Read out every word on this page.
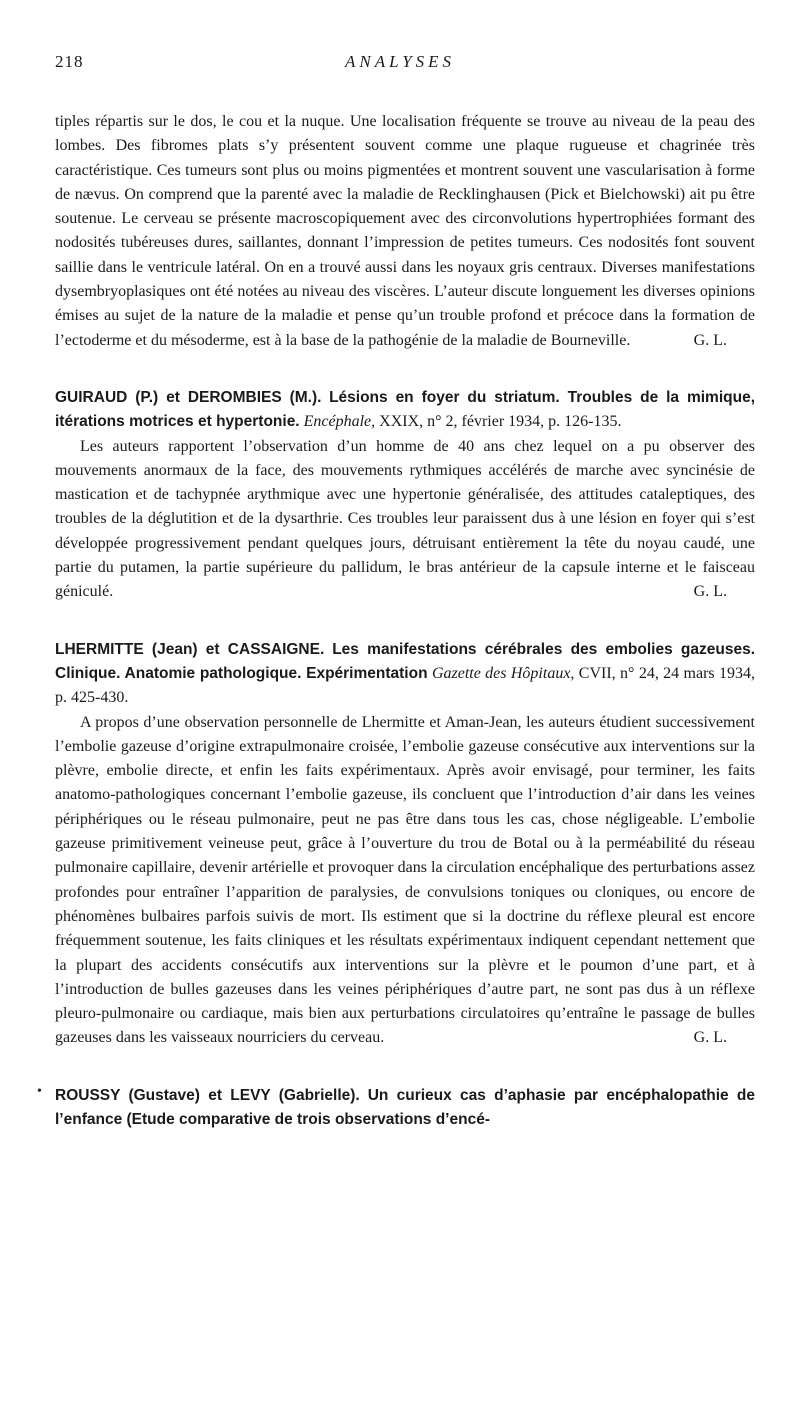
218	ANALYSES

tiples répartis sur le dos, le cou et la nuque. Une localisation fréquente se trouve au niveau de la peau des lombes. Des fibromes plats s’y présentent souvent comme une plaque rugueuse et chagrinée très caractéristique. Ces tumeurs sont plus ou moins pigmentées et montrent souvent une vascularisation à forme de nævus. On comprend que la parenté avec la maladie de Recklinghausen (Pick et Bielchowski) ait pu être soutenue. Le cerveau se présente macroscopiquement avec des circonvolutions hypertrophiées formant des nodosités tubéreuses dures, saillantes, donnant l’impression de petites tumeurs. Ces nodosités font souvent saillie dans le ventricule latéral. On en a trouvé aussi dans les noyaux gris centraux. Diverses manifestations dysembryoplasiques ont été notées au niveau des viscères. L’auteur discute longuement les diverses opinions émises au sujet de la nature de la maladie et pense qu’un trouble profond et précoce dans la formation de l’ectoderme et du mésoderme, est à la base de la pathogénie de la maladie de Bourneville.	G. L.

GUIRAUD (P.) et DEROMBIES (M.). Lésions en foyer du striatum. Troubles de la mimique, itérations motrices et hypertonie. Encéphale, XXIX, n° 2, février 1934, p. 126-135.

Les auteurs rapportent l’observation d’un homme de 40 ans chez lequel on a pu observer des mouvements anormaux de la face, des mouvements rythmiques accélérés de marche avec syncinésie de mastication et de tachypnée arythmique avec une hypertonie généralisée, des attitudes cataleptiques, des troubles de la déglutition et de la dysarthrie. Ces troubles leur paraissent dus à une lésion en foyer qui s’est développée progressivement pendant quelques jours, détruisant entièrement la tête du noyau caudé, une partie du putamen, la partie supérieure du pallidum, le bras antérieur de la capsule interne et le faisceau géniculé.	G. L.

LHERMITTE (Jean) et CASSAIGNE. Les manifestations cérébrales des embolies gazeuses. Clinique. Anatomie pathologique. Expérimentation Gazette des Hôpitaux, CVII, n° 24, 24 mars 1934, p. 425-430.

A propos d’une observation personnelle de Lhermitte et Aman-Jean, les auteurs étudient successivement l’embolie gazeuse d’origine extrapulmonaire croisée, l’embolie gazeuse consécutive aux interventions sur la plèvre, embolie directe, et enfin les faits expérimentaux. Après avoir envisagé, pour terminer, les faits anatomo-pathologiques concernant l’embolie gazeuse, ils concluent que l’introduction d’air dans les veines périphériques ou le réseau pulmonaire, peut ne pas être dans tous les cas, chose négligeable. L’embolie gazeuse primitivement veineuse peut, grâce à l’ouverture du trou de Botal ou à la perméabilité du réseau pulmonaire capillaire, devenir artérielle et provoquer dans la circulation encéphalique des perturbations assez profondes pour entraîner l’apparition de paralysies, de convulsions toniques ou cloniques, ou encore de phénomènes bulbaires parfois suivis de mort. Ils estiment que si la doctrine du réflexe pleural est encore fréquemment soutenue, les faits cliniques et les résultats expérimentaux indiquent cependant nettement que la plupart des accidents consécutifs aux interventions sur la plèvre et le poumon d’une part, et à l’introduction de bulles gazeuses dans les veines périphériques d’autre part, ne sont pas dus à un réflexe pleuro-pulmonaire ou cardiaque, mais bien aux perturbations circulatoires qu’entraîne le passage de bulles gazeuses dans les vaisseaux nourriciers du cerveau.	G. L.

• ROUSSY (Gustave) et LEVY (Gabrielle). Un curieux cas d’aphasie par encéphalopathie de l’enfance (Etude comparative de trois observations d’encé-
